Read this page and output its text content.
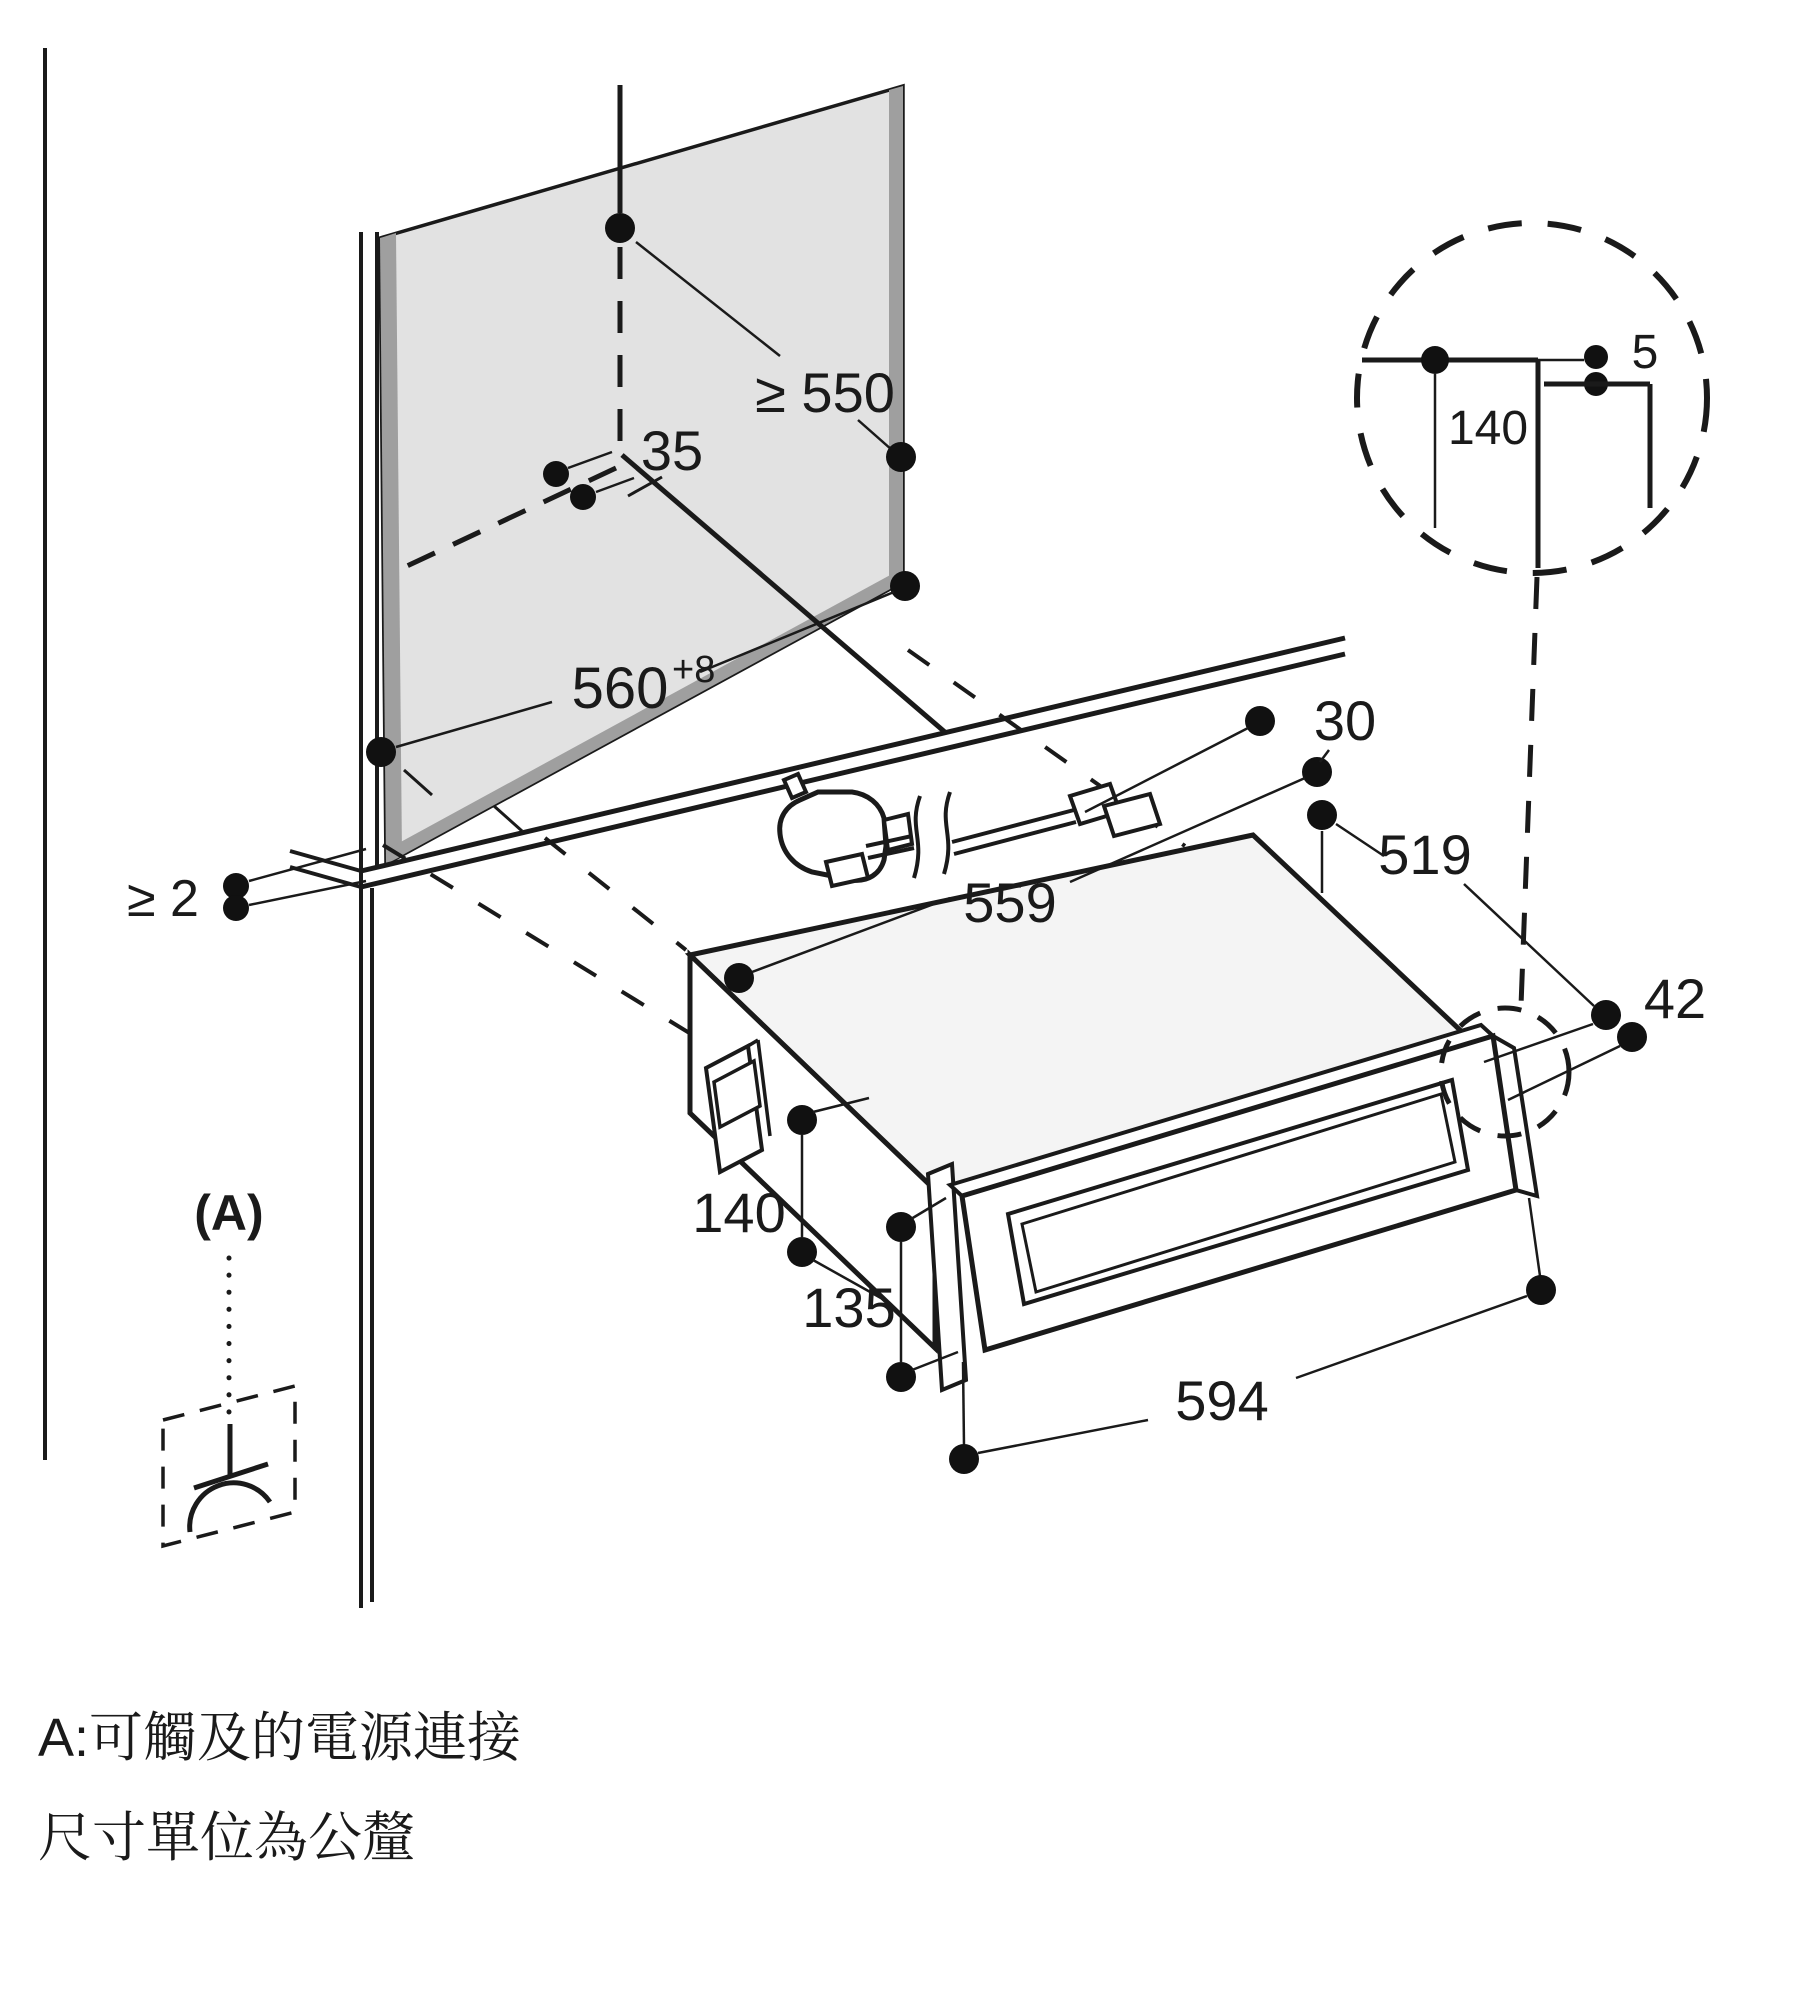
≥ 550
35
560 +8
≥ 2
30
559
519
42
140
135
594
140
5
(A)
A:可觸及的電源連接
尺寸單位為公釐
